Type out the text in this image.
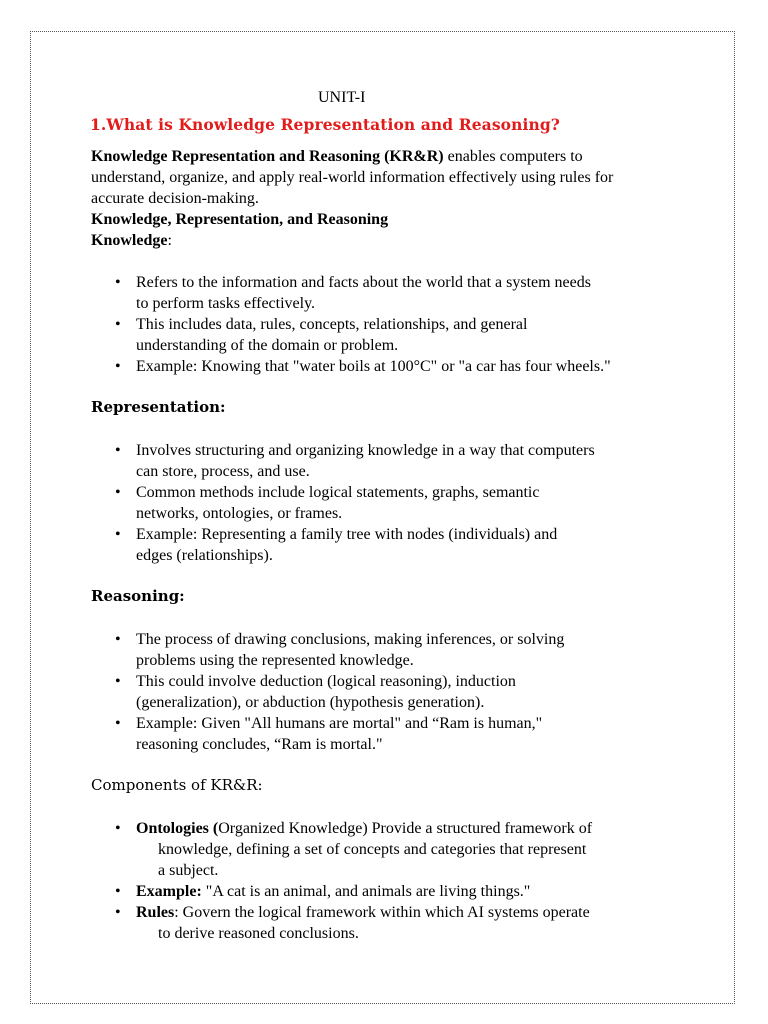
UNIT-I
1.What is Knowledge Representation and Reasoning?

Knowledge Representation and Reasoning (KR&R) enables computers to
understand, organize, and apply real-world information effectively using rules for
accurate decision-making.

Knowledge, Representation, and Reasoning

Knowledge:

• Refers to the information and facts about the world that a system needs
to perform tasks effectively.
• This includes data, rules, concepts, relationships, and general
understanding of the domain or problem.
• Example: Knowing that "water boils at 100°C" or "a car has four wheels."

Representation:

• Involves structuring and organizing knowledge in a way that computers
can store, process, and use.
• Common methods include logical statements, graphs, semantic
networks, ontologies, or frames.
• Example: Representing a family tree with nodes (individuals) and
edges (relationships).

Reasoning:

• The process of drawing conclusions, making inferences, or solving
problems using the represented knowledge.
• This could involve deduction (logical reasoning), induction
(generalization), or abduction (hypothesis generation).
• Example: Given "All humans are mortal" and “Ram is human,"
reasoning concludes, “Ram is mortal."

Components of KR&R:

• Ontologies (Organized Knowledge) Provide a structured framework of
knowledge, defining a set of concepts and categories that represent
a subject.
• Example: "A cat is an animal, and animals are living things."
• Rules: Govern the logical framework within which AI systems operate
to derive reasoned conclusions.
